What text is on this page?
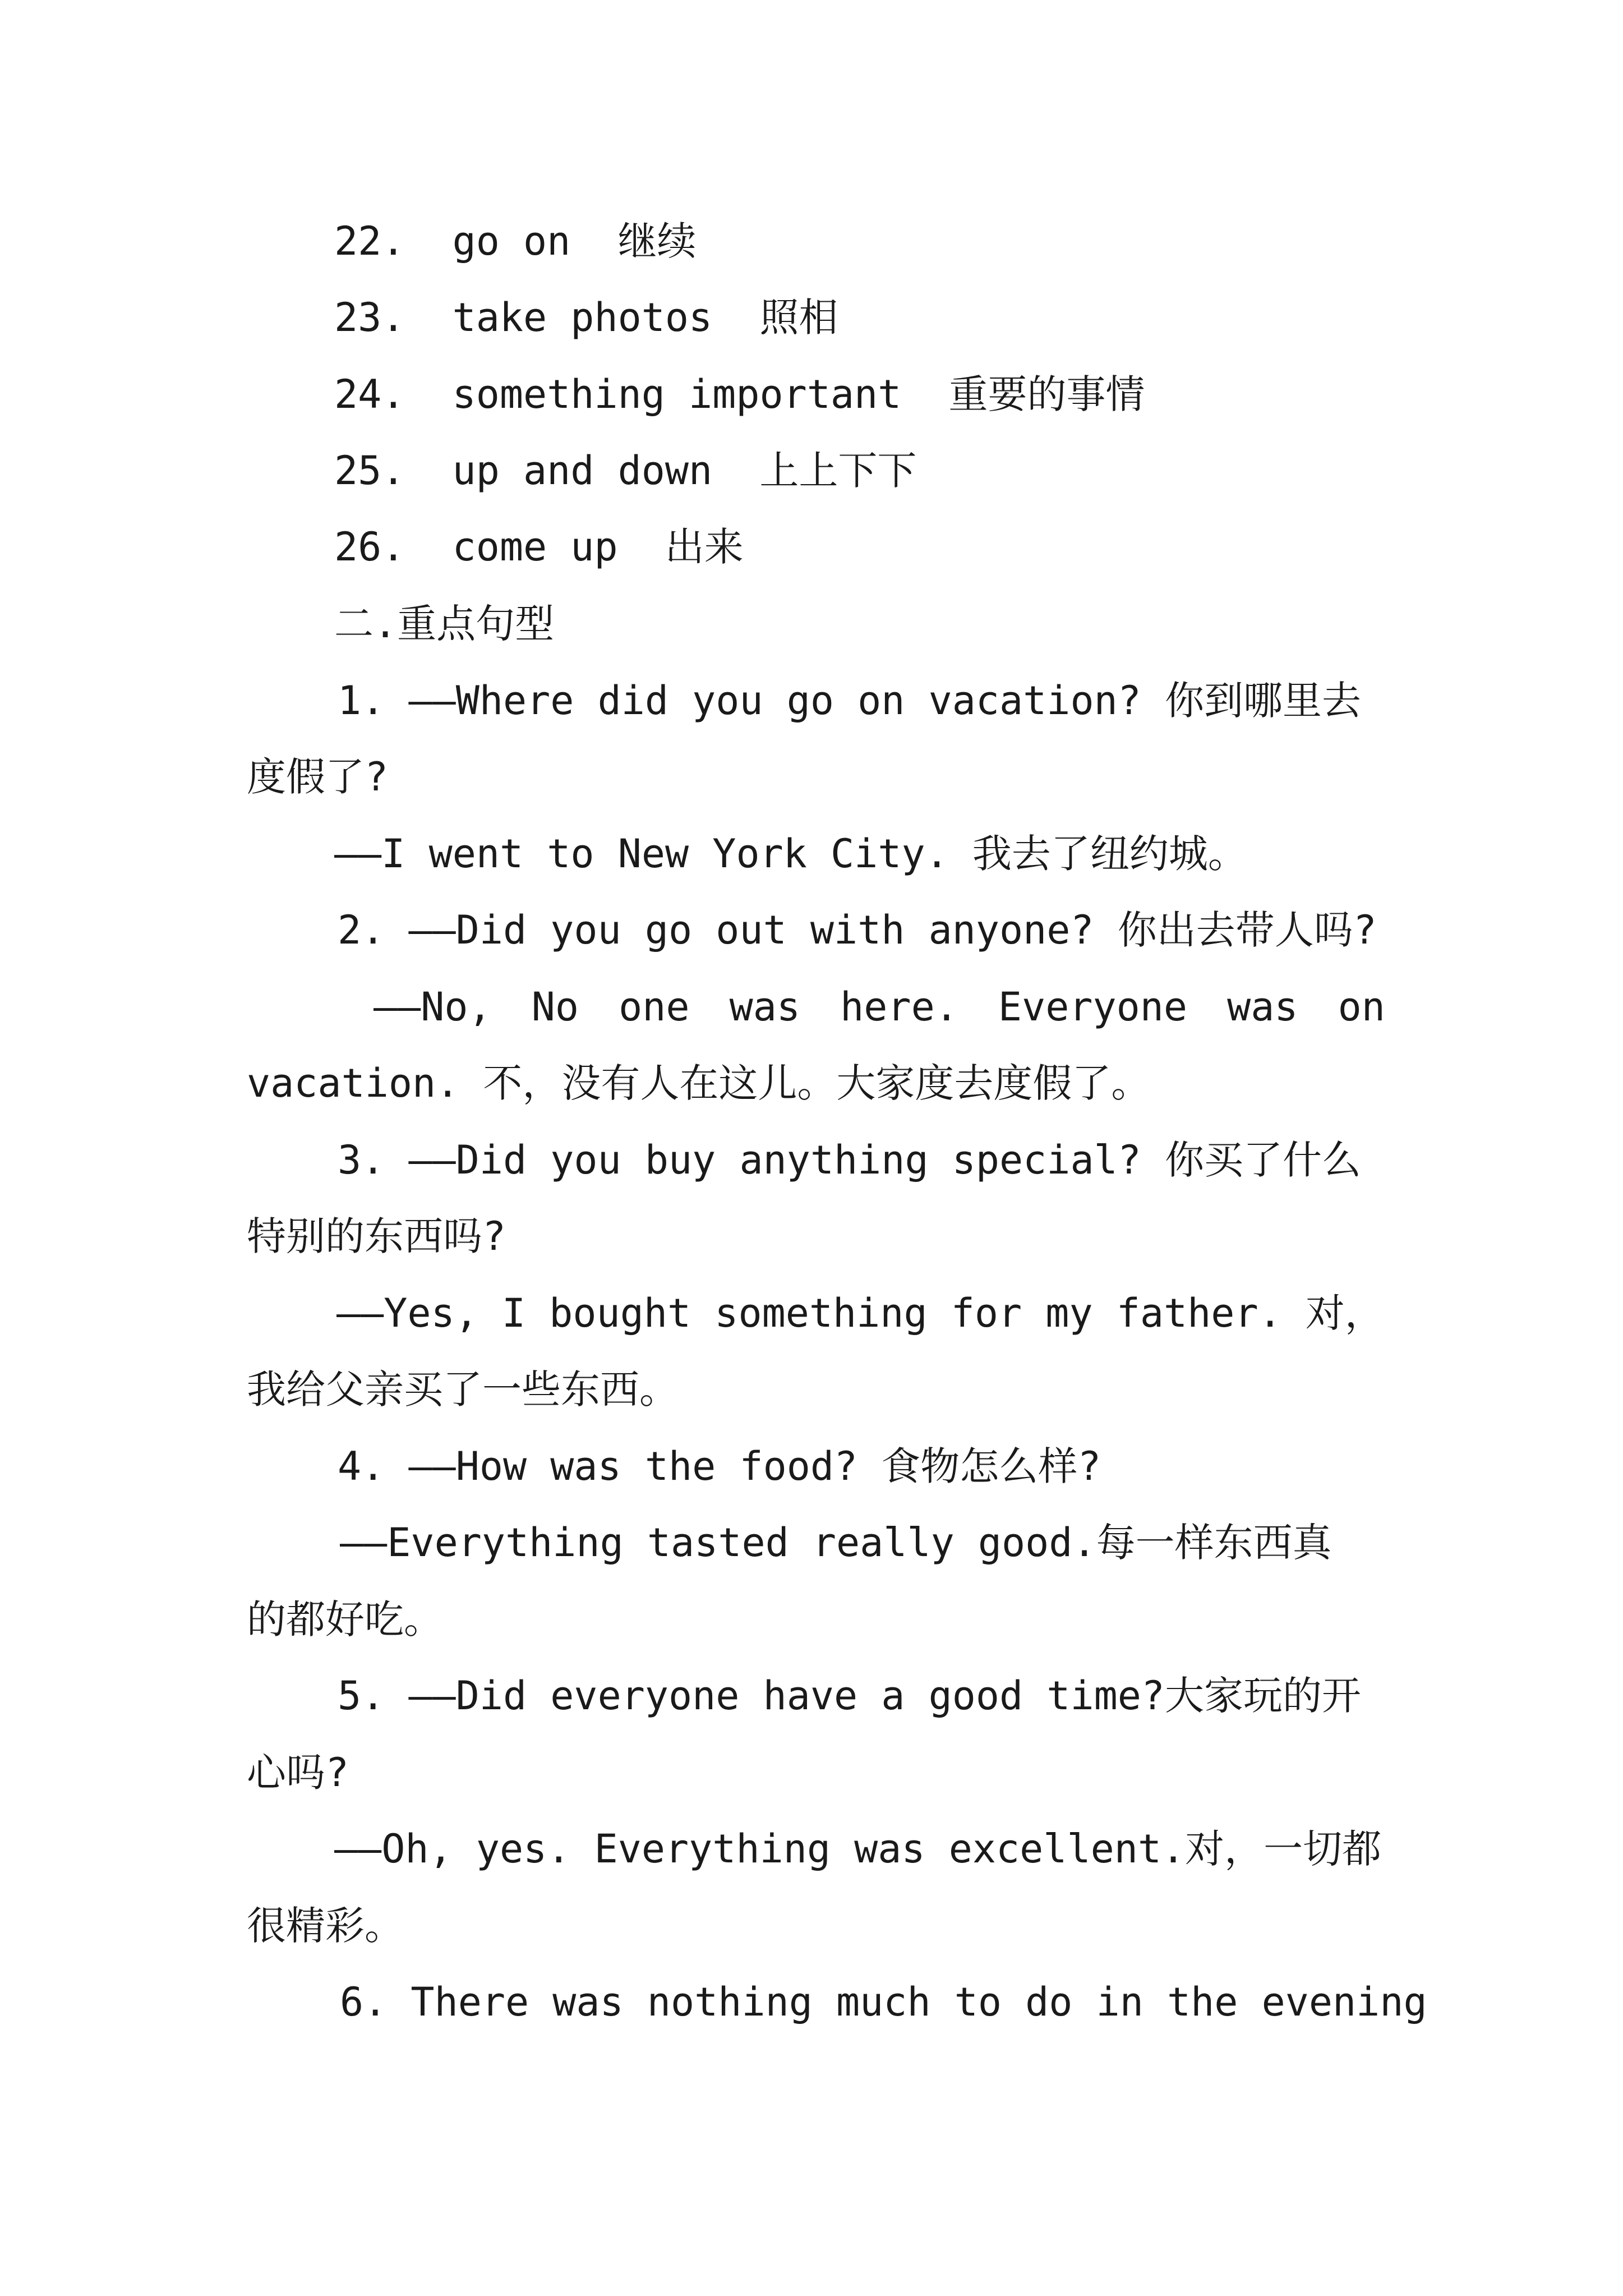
22. go on 继续
23. take photos 照相
24. something important 重要的事情
25. up and down 上上下下
26. come up 出来
二.重点句型
1. ——Where did you go on vacation? 你到哪里去
度假了?
——I went to New York City. 我去了纽约城。
2. ——Did you go out with anyone? 你出去带人吗?
——No, No one was here. Everyone was on
vacation. 不，没有人在这儿。大家度去度假了。
3. ——Did you buy anything special? 你买了什么
特别的东西吗?
——Yes, I bought something for my father. 对，
我给父亲买了一些东西。
4. ——How was the food? 食物怎么样?
——Everything tasted really good.每一样东西真
的都好吃。
5. ——Did everyone have a good time?大家玩的开
心吗?
——Oh, yes. Everything was excellent.对，一切都
很精彩。
6. There was nothing much to do in the evening
